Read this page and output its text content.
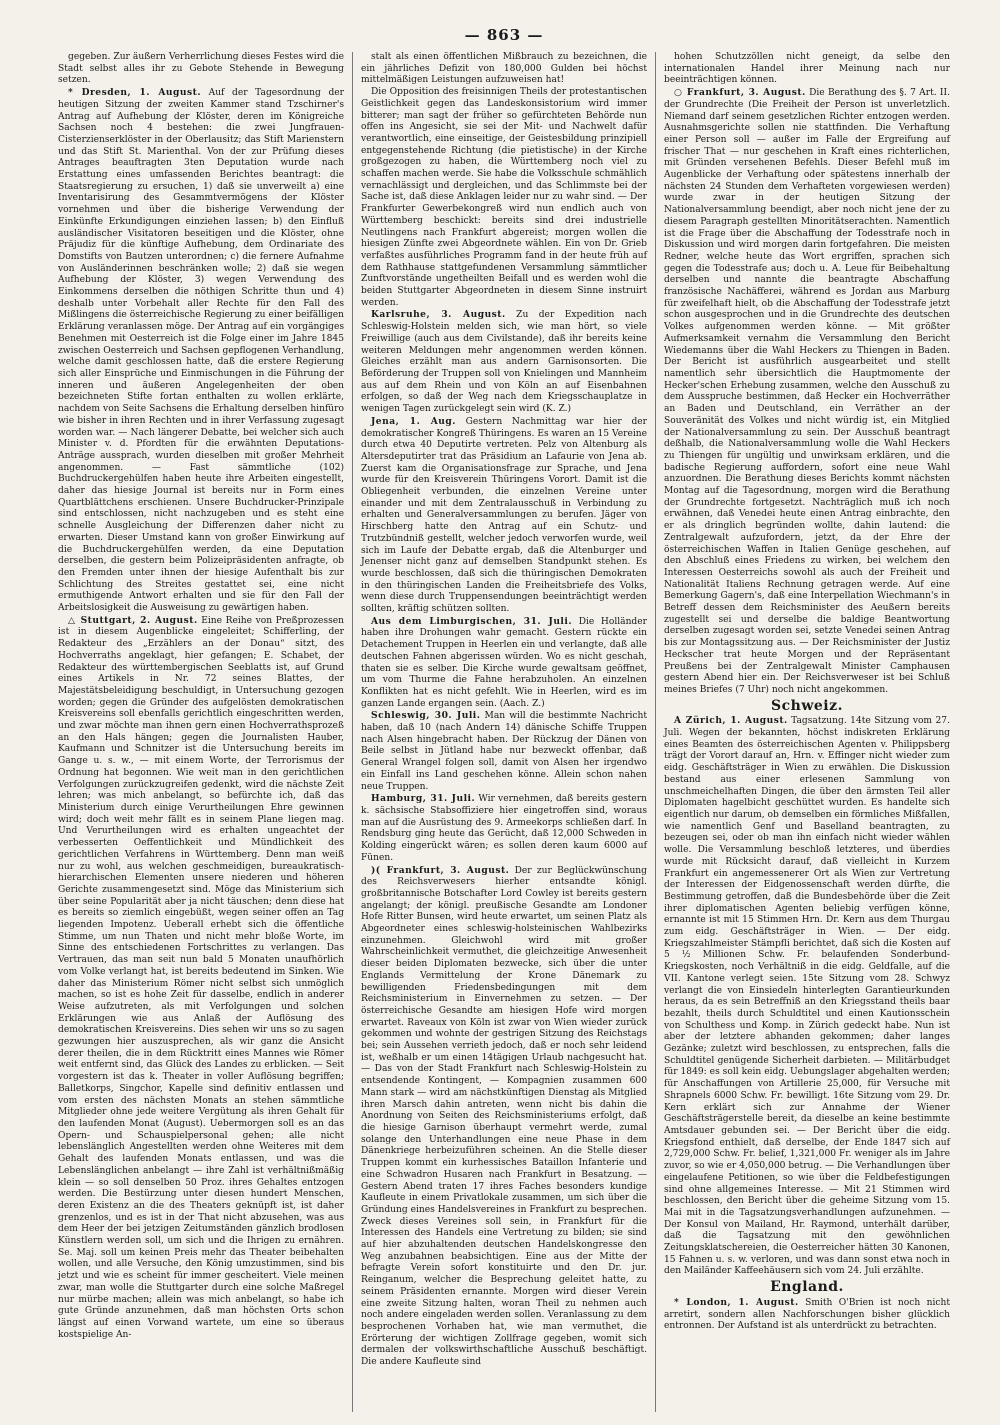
— 863 —

gegeben. Zur äußern Verherrlichung dieses Festes wird die Stadt selbst alles ihr zu Gebote Stehende in Bewegung setzen.

* Dresden, 1. August. Auf der Tagesordnung der heutigen Sitzung der zweiten Kammer stand Tzschirner's Antrag auf Aufhebung der Klöster, deren im Königreiche Sachsen noch 4 bestehen: die zwei Jungfrauen-Cisterzienserklöster in der Oberlausitz; das Stift Marienstern und das Stift St. Marienthal. Von der zur Prüfung dieses Antrages beauftragten 3ten Deputation wurde nach Erstattung eines umfassenden Berichtes beantragt: die Staatsregierung zu ersuchen, 1) daß sie unverweilt a) eine Inventarisirung des Gesammtvermögens der Klöster vornehmen und über die bisherige Verwendung der Einkünfte Erkundigungen einziehen lassen; b) den Einfluß ausländischer Visitatoren beseitigen und die Klöster, ohne Präjudiz für die künftige Aufhebung, dem Ordinariate des Domstifts von Bautzen unterordnen; c) die fernere Aufnahme von Ausländerinnen beschränken wolle; 2) daß sie wegen Aufhebung der Klöster, 3) wegen Verwendung des Einkommens derselben die nöthigen Schritte thun und 4) deshalb unter Vorbehalt aller Rechte für den Fall des Mißlingens die österreichische Regierung zu einer beifälligen Erklärung veranlassen möge. Der Antrag auf ein vorgängiges Benehmen mit Oesterreich ist die Folge einer im Jahre 1845 zwischen Oesterreich und Sachsen gepflogenen Verhandlung, welche damit geschlossen hatte, daß die erstere Regierung sich aller Einsprüche und Einmischungen in die Führung der inneren und äußeren Angelegenheiten der oben bezeichneten Stifte fortan enthalten zu wollen erklärte, nachdem von Seite Sachsens die Erhaltung derselben hinfüro wie bisher in ihren Rechten und in ihrer Verfassung zugesagt worden war. — Nach längerer Debatte, bei welcher sich auch Minister v. d. Pfordten für die erwähnten Deputations-Anträge aussprach, wurden dieselben mit großer Mehrheit angenommen. — Fast sämmtliche (102) Buchdruckergehülfen haben heute ihre Arbeiten eingestellt, daher das hiesige Journal ist bereits nur in Form eines Quartblättchens erschienen. Unsere Buchdrucker-Prinzipale sind entschlossen, nicht nachzugeben und es steht eine schnelle Ausgleichung der Differenzen daher nicht zu erwarten. Dieser Umstand kann von großer Einwirkung auf die Buchdruckergehülfen werden, da eine Deputation derselben, die gestern beim Polizeipräsidenten anfragte, ob den Fremden unter ihnen der hiesige Aufenthalt bis zur Schlichtung des Streites gestattet sei, eine nicht ermuthigende Antwort erhalten und sie für den Fall der Arbeitslosigkeit die Ausweisung zu gewärtigen haben.

△ Stuttgart, 2. August. Eine Reihe von Preßprozessen ist in diesem Augenblicke eingeleitet; Schifferling, der Redakteur des „Erzählers an der Donau“ sitzt, des Hochverraths angeklagt, hier gefangen; E. Schabet, der Redakteur des württembergischen Seeblatts ist, auf Grund eines Artikels in Nr. 72 seines Blattes, der Majestätsbeleidigung beschuldigt, in Untersuchung gezogen worden; gegen die Gründer des aufgelösten demokratischen Kreisvereins soll ebenfalls gerichtlich eingeschritten werden, und zwar möchte man ihnen gern einen Hochverrathsprozeß an den Hals hängen; gegen die Journalisten Hauber, Kaufmann und Schnitzer ist die Untersuchung bereits im Gange u. s. w., — mit einem Worte, der Terrorismus der Ordnung hat begonnen. Wie weit man in den gerichtlichen Verfolgungen zurückzugreifen gedenkt, wird die nächste Zeit lehren; was mich anbelangt, so befürchte ich, daß das Ministerium durch einige Verurtheilungen Ehre gewinnen wird; doch weit mehr fällt es in seinem Plane liegen mag. Und Verurtheilungen wird es erhalten ungeachtet der verbesserten Oeffentlichkeit und Mündlichkeit des gerichtlichen Verfahrens in Württemberg. Denn man weiß nur zu wohl, aus welchen geschmeidigen, bureaukratisch-hierarchischen Elementen unsere niederen und höheren Gerichte zusammengesetzt sind. Möge das Ministerium sich über seine Popularität aber ja nicht täuschen; denn diese hat es bereits so ziemlich eingebüßt, wegen seiner offen an Tag liegenden Impotenz. Ueberall erhebt sich die öffentliche Stimme, um nun Thaten und nicht mehr bloße Worte, im Sinne des entschiedenen Fortschrittes zu verlangen. Das Vertrauen, das man seit nun bald 5 Monaten unaufhörlich vom Volke verlangt hat, ist bereits bedeutend im Sinken. Wie daher das Ministerium Römer nicht selbst sich unmöglich machen, so ist es hohe Zeit für dasselbe, endlich in anderer Weise aufzutreten, als mit Verfolgungen und solchen Erklärungen wie aus Anlaß der Auflösung des demokratischen Kreisvereins. Dies sehen wir uns so zu sagen gezwungen hier auszusprechen, als wir ganz die Ansicht derer theilen, die in dem Rücktritt eines Mannes wie Römer weit entfernt sind, das Glück des Landes zu erblicken. — Seit vorgestern ist das k. Theater in voller Auflösung begriffen; Balletkorps, Singchor, Kapelle sind definitiv entlassen und vom ersten des nächsten Monats an stehen sämmtliche Mitglieder ohne jede weitere Vergütung als ihren Gehalt für den laufenden Monat (August). Uebermorgen soll es an das Opern- und Schauspielpersonal gehen; alle nicht lebenslänglich Angestellten werden ohne Weiteres mit dem Gehalt des laufenden Monats entlassen, und was die Lebenslänglichen anbelangt — ihre Zahl ist verhältnißmäßig klein — so soll denselben 50 Proz. ihres Gehaltes entzogen werden. Die Bestürzung unter diesen hundert Menschen, deren Existenz an die des Theaters geknüpft ist, ist daher grenzenlos, und es ist in der That nicht abzusehen, was aus dem Heer der bei jetzigen Zeitumständen gänzlich brodlosen Künstlern werden soll, um sich und die Ihrigen zu ernähren. Se. Maj. soll um keinen Preis mehr das Theater beibehalten wollen, und alle Versuche, den König umzustimmen, sind bis jetzt und wie es scheint für immer gescheitert. Viele meinen zwar, man wolle die Stuttgarter durch eine solche Maßregel nur mürbe machen; allein was mich anbelangt, so habe ich gute Gründe anzunehmen, daß man höchsten Orts schon längst auf einen Vorwand wartete, um eine so überaus kostspielige An-

stalt als einen öffentlichen Mißbrauch zu bezeichnen, die ein jährliches Defizit von 180,000 Gulden bei höchst mittelmäßigen Leistungen aufzuweisen hat!

Die Opposition des freisinnigen Theils der protestantischen Geistlichkeit gegen das Landeskonsistorium wird immer bitterer; man sagt der früher so gefürchteten Behörde nun offen ins Angesicht, sie sei der Mit- und Nachwelt dafür verantwortlich, eine einseitige, der Geistesbildung prinzipiell entgegenstehende Richtung (die pietistische) in der Kirche großgezogen zu haben, die Württemberg noch viel zu schaffen machen werde. Sie habe die Volksschule schmählich vernachlässigt und dergleichen, und das Schlimmste bei der Sache ist, daß diese Anklagen leider nur zu wahr sind. — Der Frankfurter Gewerbekongreß wird nun endlich auch von Württemberg beschickt: bereits sind drei industrielle Neutlingens nach Frankfurt abgereist; morgen wollen die hiesigen Zünfte zwei Abgeordnete wählen. Ein von Dr. Grieb verfaßtes ausführliches Programm fand in der heute früh auf dem Rathhause stattgefundenen Versammlung sämmtlicher Zunftvorstände ungetheilten Beifall und es werden wohl die beiden Stuttgarter Abgeordneten in diesem Sinne instruirt werden.

Karlsruhe, 3. August. Zu der Expedition nach Schleswig-Holstein melden sich, wie man hört, so viele Freiwillige (auch aus dem Civilstande), daß ihr bereits keine weiteren Meldungen mehr angenommen werden können. Gleiches erzählt man aus andern Garnisonsorten. Die Beförderung der Truppen soll von Knielingen und Mannheim aus auf dem Rhein und von Köln an auf Eisenbahnen erfolgen, so daß der Weg nach dem Kriegsschauplatze in wenigen Tagen zurückgelegt sein wird (K. Z.)

Jena, 1. Aug. Gestern Nachmittag war hier der demokratischer Kongreß Thüringens. Es waren an 15 Vereine durch etwa 40 Deputirte vertreten. Pelz von Altenburg als Altersdeputirter trat das Präsidium an Lafaurie von Jena ab. Zuerst kam die Organisationsfrage zur Sprache, und Jena wurde für den Kreisverein Thüringens Vorort. Damit ist die Obliegenheit verbunden, die einzelnen Vereine unter einander und mit dem Zentralausschuß in Verbindung zu erhalten und Generalversammlungen zu berufen. Jäger von Hirschberg hatte den Antrag auf ein Schutz- und Trutzbündniß gestellt, welcher jedoch verworfen wurde, weil sich im Laufe der Debatte ergab, daß die Altenburger und Jenenser nicht ganz auf demselben Standpunkt stehen. Es wurde beschlossen, daß sich die thüringischen Demokraten in den thüringischen Landen die Freiheitsbriefe des Volks, wenn diese durch Truppensendungen beeinträchtigt werden sollten, kräftig schützen sollten.

Aus dem Limburgischen, 31. Juli. Die Holländer haben ihre Drohungen wahr gemacht. Gestern rückte ein Detachement Truppen in Heerlen ein und verlangte, daß alle deutschen Fahnen abgerissen würden. Wo es nicht geschah, thaten sie es selber. Die Kirche wurde gewaltsam geöffnet, um vom Thurme die Fahne herabzuholen. An einzelnen Konflikten hat es nicht gefehlt. Wie in Heerlen, wird es im ganzen Lande ergangen sein. (Aach. Z.)

Schleswig, 30. Juli. Man will die bestimmte Nachricht haben, daß 10 (nach Andern 14) dänische Schiffe Truppen nach Alsen hingebracht haben. Der Rückzug der Dänen von Beile selbst in Jütland habe nur bezweckt offenbar, daß General Wrangel folgen soll, damit von Alsen her irgendwo ein Einfall ins Land geschehen könne. Allein schon nahen neue Truppen.

Hamburg, 31. Juli. Wir vernehmen, daß bereits gestern k. sächsische Stabsoffiziere hier eingetroffen sind, woraus man auf die Ausrüstung des 9. Armeekorps schließen darf. In Rendsburg ging heute das Gerücht, daß 12,000 Schweden in Kolding eingerückt wären; es sollen deren kaum 6000 auf Fünen.

)( Frankfurt, 3. August. Der zur Beglückwünschung des Reichsverwesers hierher entsandte königl. großbritannische Botschafter Lord Cowley ist bereits gestern angelangt; der königl. preußische Gesandte am Londoner Hofe Ritter Bunsen, wird heute erwartet, um seinen Platz als Abgeordneter eines schleswig-holsteinischen Wahlbezirks einzunehmen. Gleichwohl wird mit großer Wahrscheinlichkeit vermuthet, die gleichzeitige Anwesenheit dieser beiden Diplomaten bezwecke, sich über die unter Englands Vermittelung der Krone Dänemark zu bewilligenden Friedensbedingungen mit dem Reichsministerium in Einvernehmen zu setzen. — Der österreichische Gesandte am hiesigen Hofe wird morgen erwartet. Raveaux von Köln ist zwar von Wien wieder zurück gekommen und wohnte der gestrigen Sitzung des Reichstags bei; sein Aussehen verrieth jedoch, daß er noch sehr leidend ist, weßhalb er um einen 14tägigen Urlaub nachgesucht hat. — Das von der Stadt Frankfurt nach Schleswig-Holstein zu entsendende Kontingent, — Kompagnien zusammen 600 Mann stark — wird am nächstkünftigen Dienstag als Mitglied ihren Marsch dahin antreten, wenn nicht bis dahin die Anordnung von Seiten des Reichsministeriums erfolgt, daß die hiesige Garnison überhaupt vermehrt werde, zumal solange den Unterhandlungen eine neue Phase in dem Dänenkriege herbeizuführen scheinen. An die Stelle dieser Truppen kommt ein kurhessisches Bataillon Infanterie und eine Schwadron Husaren nach Frankfurt in Besatzung. — Gestern Abend traten 17 ihres Faches besonders kundige Kaufleute in einem Privatlokale zusammen, um sich über die Gründung eines Handelsvereines in Frankfurt zu besprechen. Zweck dieses Vereines soll sein, in Frankfurt für die Interessen des Handels eine Vertretung zu bilden; sie sind auf hier abzuhaltenden deutschen Handelskongresse den Weg anzubahnen beabsichtigen. Eine aus der Mitte der befragte Verein sofort konstituirte und den Dr. jur. Reinganum, welcher die Besprechung geleitet hatte, zu seinem Präsidenten ernannte. Morgen wird dieser Verein eine zweite Sitzung halten, woran Theil zu nehmen auch noch andere eingeladen werden sollen. Veranlassung zu dem besprochenen Vorhaben hat, wie man vermuthet, die Erörterung der wichtigen Zollfrage gegeben, womit sich dermalen der volkswirthschaftliche Ausschuß beschäftigt. Die andere Kaufleute sind

hohen Schutzzöllen nicht geneigt, da selbe den internationalen Handel ihrer Meinung nach nur beeinträchtigen können.

○ Frankfurt, 3. August. Die Berathung des §. 7 Art. II. der Grundrechte (Die Freiheit der Person ist unverletzlich. Niemand darf seinem gesetzlichen Richter entzogen werden. Ausnahmsgerichte sollen nie stattfinden. Die Verhaftung einer Person soll — außer im Falle der Ergreifung auf frischer That — nur geschehen in Kraft eines richterlichen, mit Gründen versehenen Befehls. Dieser Befehl muß im Augenblicke der Verhaftung oder spätestens innerhalb der nächsten 24 Stunden dem Verhafteten vorgewiesen werden) wurde zwar in der heutigen Sitzung der Nationalversammlung beendigt, aber noch nicht jene der zu diesem Paragraph gestellten Minoritätserachten. Namentlich ist die Frage über die Abschaffung der Todesstrafe noch in Diskussion und wird morgen darin fortgefahren. Die meisten Redner, welche heute das Wort ergriffen, sprachen sich gegen die Todesstrafe aus; doch u. A. Leue für Beibehaltung derselben und nannte die beantragte Abschaffung französische Nachäfferei, während es Jordan aus Marburg für zweifelhaft hielt, ob die Abschaffung der Todesstrafe jetzt schon ausgesprochen und in die Grundrechte des deutschen Volkes aufgenommen werden könne. — Mit größter Aufmerksamkeit vernahm die Versammlung den Bericht Wiedemanns über die Wahl Heckers zu Thiengen in Baden. Der Bericht ist ausführlich ausgearbeitet und stellt namentlich sehr übersichtlich die Hauptmomente der Hecker'schen Erhebung zusammen, welche den Ausschuß zu dem Ausspruche bestimmen, daß Hecker ein Hochverräther an Baden und Deutschland, ein Verräther an der Souveränität des Volkes und nicht würdig ist, ein Mitglied der Nationalversammlung zu sein. Der Ausschuß beantragt deßhalb, die Nationalversammlung wolle die Wahl Heckers zu Thiengen für ungültig und unwirksam erklären, und die badische Regierung auffordern, sofort eine neue Wahl anzuordnen. Die Berathung dieses Berichts kommt nächsten Montag auf die Tagesordnung, morgen wird die Berathung der Grundrechte fortgesetzt. Nachträglich muß ich noch erwähnen, daß Venedei heute einen Antrag einbrachte, den er als dringlich begründen wollte, dahin lautend: die Zentralgewalt aufzufordern, jetzt, da der Ehre der österreichischen Waffen in Italien Genüge geschehen, auf den Abschluß eines Friedens zu wirken, bei welchem den Interessen Oesterreichs sowohl als auch der Freiheit und Nationalität Italiens Rechnung getragen werde. Auf eine Bemerkung Gagern's, daß eine Interpellation Wiechmann's in Betreff dessen dem Reichsminister des Aeußern bereits zugestellt sei und derselbe die baldige Beantwortung derselben zugesagt worden sei, setzte Venedei seinen Antrag bis zur Montagssitzung aus. — Der Reichsminister der Justiz Heckscher trat heute Morgen und der Repräsentant Preußens bei der Zentralgewalt Minister Camphausen gestern Abend hier ein. Der Reichsverweser ist bei Schluß meines Briefes (7 Uhr) noch nicht angekommen.

Schweiz.

A Zürich, 1. August. Tagsatzung. 14te Sitzung vom 27. Juli. Wegen der bekannten, höchst indiskreten Erklärung eines Beamten des österreichischen Agenten v. Philippsberg trägt der Vorort darauf an, Hrn. v. Effinger nicht wieder zum eidg. Geschäftsträger in Wien zu erwählen. Die Diskussion bestand aus einer erlesenen Sammlung von unschmeichelhaften Dingen, die über den ärmsten Teil aller Diplomaten hagelbicht geschüttet wurden. Es handelte sich eigentlich nur darum, ob demselben ein förmliches Mißfallen, wie namentlich Genf und Baselland beantragten, zu bezeugen sei, oder ob man ihn einfach nicht wieder wählen wolle. Die Versammlung beschloß letzteres, und überdies wurde mit Rücksicht darauf, daß vielleicht in Kurzem Frankfurt ein angemessenerer Ort als Wien zur Vertretung der Interessen der Eidgenossenschaft werden dürfte, die Bestimmung getroffen, daß die Bundesbehörde über die Zeit ihrer diplomatischen Agenten beliebig verfügen könne, ernannte ist mit 15 Stimmen Hrn. Dr. Kern aus dem Thurgau zum eidg. Geschäftsträger in Wien. — Der eidg. Kriegszahlmeister Stämpfli berichtet, daß sich die Kosten auf 5 ½ Millionen Schw. Fr. belaufenden Sonderbund-Kriegskosten, noch Verhältniß in die eidg. Geldfalle, auf die VII. Kantone verlegt seien. 15te Sitzung vom 28. Schwyz verlangt die von Einsiedeln hinterlegten Garantieurkunden heraus, da es sein Betreffniß an den Kriegsstand theils baar bezahlt, theils durch Schuldtitel und einen Kautionsschein von Schulthess und Komp. in Zürich gedeckt habe. Nun ist aber der letztere abhanden gekommen; daher langes Gezänke; zuletzt wird beschlossen, zu entsprechen, falls die Schuldtitel genügende Sicherheit darbieten. — Militärbudget für 1849: es soll kein eidg. Uebungslager abgehalten werden; für Anschaffungen von Artillerie 25,000, für Versuche mit Shrapnels 6000 Schw. Fr. bewilligt. 16te Sitzung vom 29. Dr. Kern erklärt sich zur Annahme der Wiener Geschäftsträgerstelle bereit, da dieselbe an keine bestimmte Amtsdauer gebunden sei. — Der Bericht über die eidg. Kriegsfond enthielt, daß derselbe, der Ende 1847 sich auf 2,729,000 Schw. Fr. belief, 1,321,000 Fr. weniger als im Jahre zuvor, so wie er 4,050,000 betrug. — Die Verhandlungen über eingelaufene Petitionen, so wie über die Feldbefestigungen sind ohne allgemeines Interesse. — Mit 21 Stimmen wird beschlossen, den Bericht über die geheime Sitzung vom 15. Mai mit in die Tagsatzungsverhandlungen aufzunehmen. — Der Konsul von Mailand, Hr. Raymond, unterhält darüber, daß die Tagsatzung mit den gewöhnlichen Zeitungsklatschereien, die Oesterreicher hätten 30 Kanonen, 15 Fahnen u. s. w. verloren, und was dann sonst etwa noch in den Mailänder Kaffeehäusern sich vom 24. Juli erzählte.

England.

* London, 1. August. Smith O'Brien ist noch nicht arretirt, sondern allen Nachforschungen bisher glücklich entronnen. Der Aufstand ist als unterdrückt zu betrachten.
